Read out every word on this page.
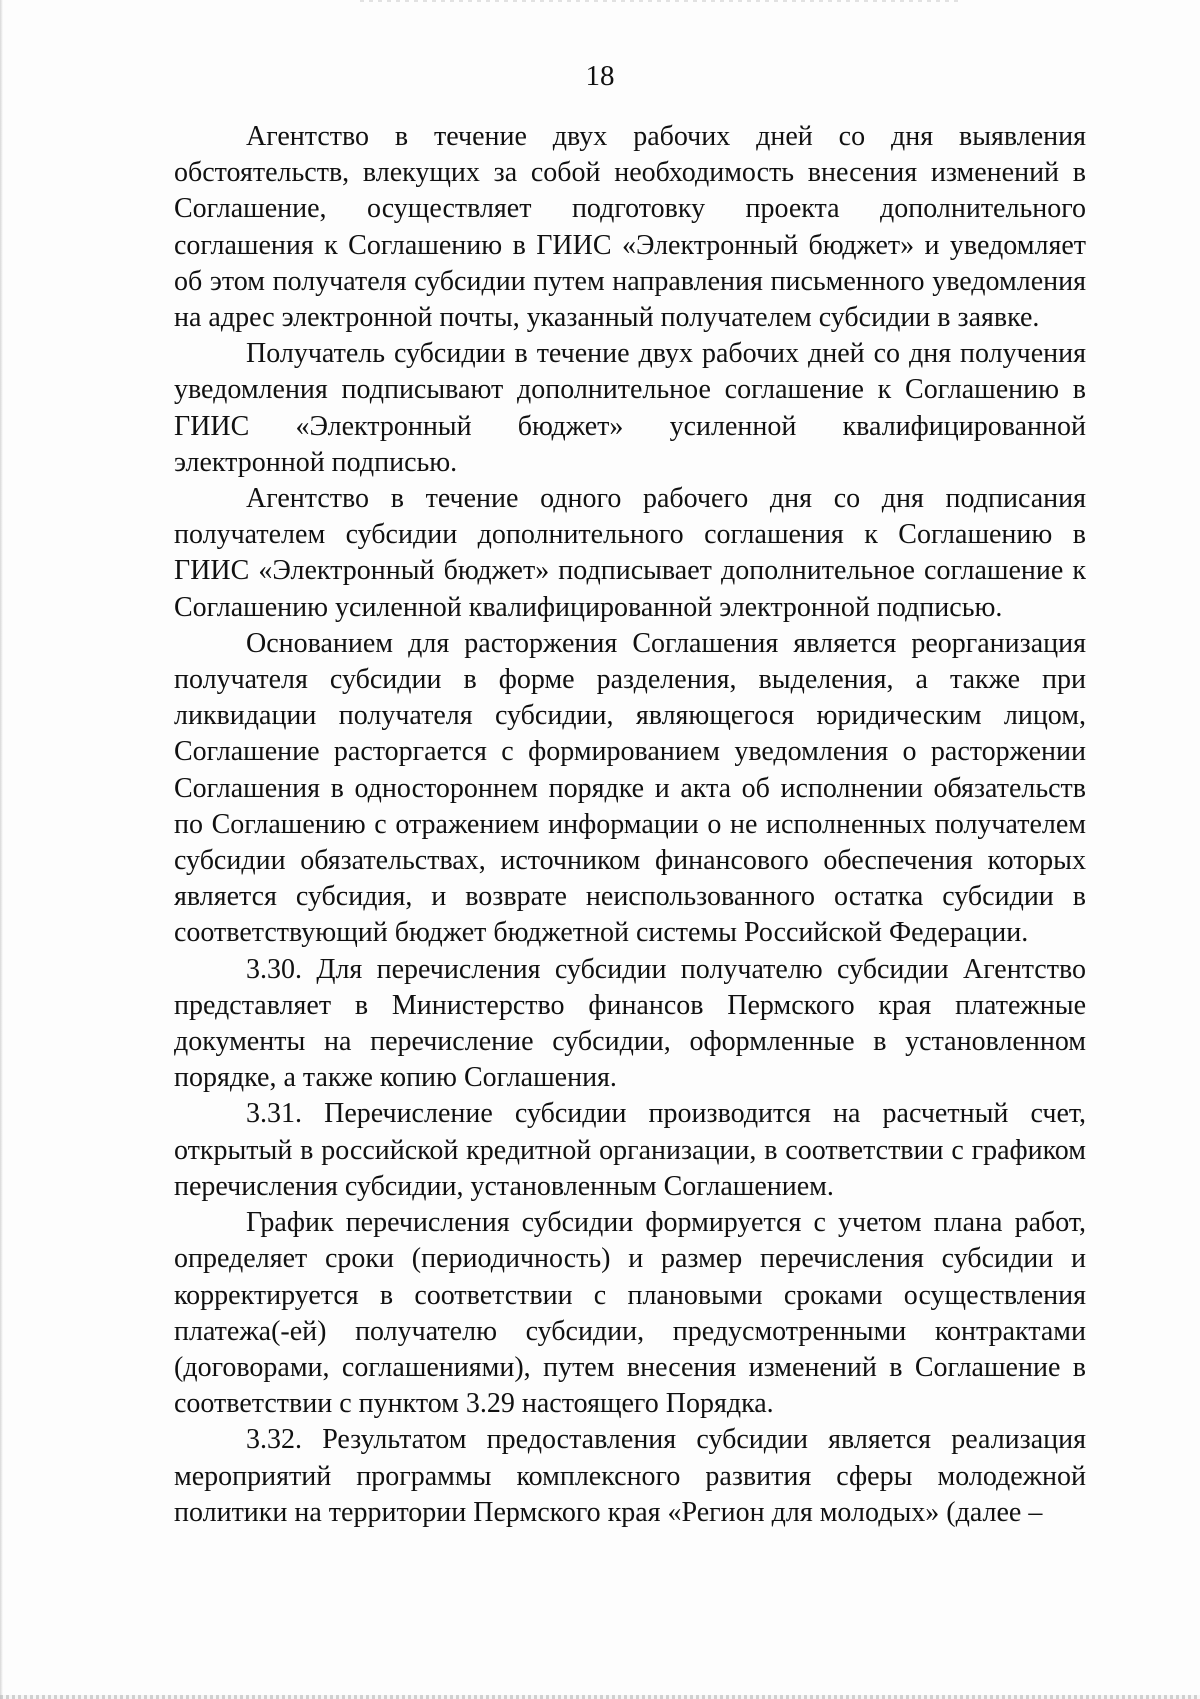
18

Агентство в течение двух рабочих дней со дня выявления обстоятельств, влекущих за собой необходимость внесения изменений в Соглашение, осуществляет подготовку проекта дополнительного соглашения к Соглашению в ГИИС «Электронный бюджет» и уведомляет об этом получателя субсидии путем направления письменного уведомления на адрес электронной почты, указанный получателем субсидии в заявке.

Получатель субсидии в течение двух рабочих дней со дня получения уведомления подписывают дополнительное соглашение к Соглашению в ГИИС «Электронный бюджет» усиленной квалифицированной электронной подписью.

Агентство в течение одного рабочего дня со дня подписания получателем субсидии дополнительного соглашения к Соглашению в ГИИС «Электронный бюджет» подписывает дополнительное соглашение к Соглашению усиленной квалифицированной электронной подписью.

Основанием для расторжения Соглашения является реорганизация получателя субсидии в форме разделения, выделения, а также при ликвидации получателя субсидии, являющегося юридическим лицом, Соглашение расторгается с формированием уведомления о расторжении Соглашения в одностороннем порядке и акта об исполнении обязательств по Соглашению с отражением информации о не исполненных получателем субсидии обязательствах, источником финансового обеспечения которых является субсидия, и возврате неиспользованного остатка субсидии в соответствующий бюджет бюджетной системы Российской Федерации.

3.30. Для перечисления субсидии получателю субсидии Агентство представляет в Министерство финансов Пермского края платежные документы на перечисление субсидии, оформленные в установленном порядке, а также копию Соглашения.

3.31. Перечисление субсидии производится на расчетный счет, открытый в российской кредитной организации, в соответствии с графиком перечисления субсидии, установленным Соглашением.

График перечисления субсидии формируется с учетом плана работ, определяет сроки (периодичность) и размер перечисления субсидии и корректируется в соответствии с плановыми сроками осуществления платежа(-ей) получателю субсидии, предусмотренными контрактами (договорами, соглашениями), путем внесения изменений в Соглашение в соответствии с пунктом 3.29 настоящего Порядка.

3.32. Результатом предоставления субсидии является реализация мероприятий программы комплексного развития сферы молодежной политики на территории Пермского края «Регион для молодых» (далее –
